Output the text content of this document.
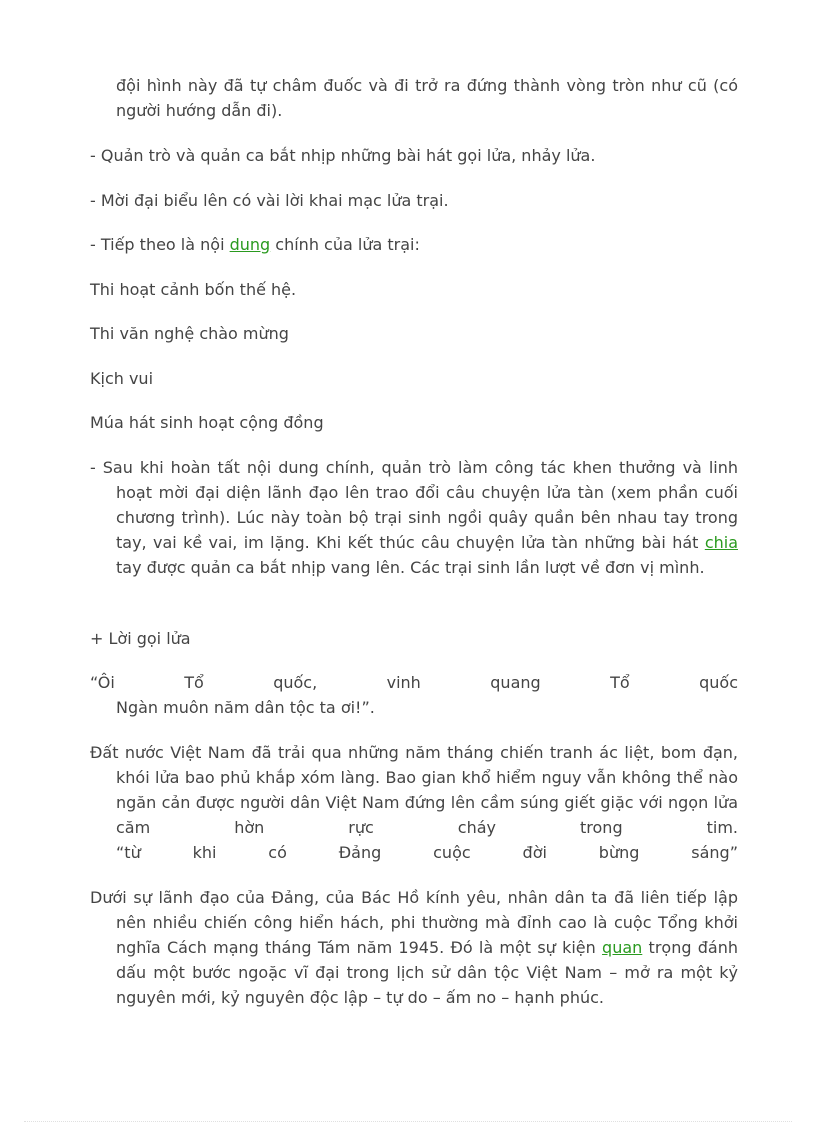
đội hình này đã tự châm đuốc và đi trở ra đứng thành vòng tròn như cũ (có người hướng dẫn đi).

- Quản trò và quản ca bắt nhịp những bài hát gọi lửa, nhảy lửa.

- Mời đại biểu lên có vài lời khai mạc lửa trại.

- Tiếp theo là nội dung chính của lửa trại:

Thi hoạt cảnh bốn thế hệ.

Thi văn nghệ chào mừng

Kịch vui

Múa hát sinh hoạt cộng đồng

- Sau khi hoàn tất nội dung chính, quản trò làm công tác khen thưởng và linh hoạt mời đại diện lãnh đạo lên trao đổi câu chuyện lửa tàn (xem phần cuối chương trình). Lúc này toàn bộ trại sinh ngồi quây quần bên nhau tay trong tay, vai kề vai, im lặng. Khi kết thúc câu chuyện lửa tàn những bài hát chia tay được quản ca bắt nhịp vang lên. Các trại sinh lần lượt về đơn vị mình.

+ Lời gọi lửa

“Ôi Tổ quốc, vinh quang Tổ quốc
Ngàn muôn năm dân tộc ta ơi!”.
Đất nước Việt Nam đã trải qua những năm tháng chiến tranh ác liệt, bom đạn, khói lửa bao phủ khắp xóm làng. Bao gian khổ hiểm nguy vẫn không thể nào ngăn cản được người dân Việt Nam đứng lên cầm súng giết giặc với ngọn lửa căm hờn rực cháy trong tim.
“từ khi có Đảng cuộc đời bừng sáng”

Dưới sự lãnh đạo của Đảng, của Bác Hồ kính yêu, nhân dân ta đã liên tiếp lập nên nhiều chiến công hiển hách, phi thường mà đỉnh cao là cuộc Tổng khởi nghĩa Cách mạng tháng Tám năm 1945. Đó là một sự kiện quan trọng đánh dấu một bước ngoặc vĩ đại trong lịch sử dân tộc Việt Nam – mở ra một kỷ nguyên mới, kỷ nguyên độc lập – tự do – ấm no – hạnh phúc.
